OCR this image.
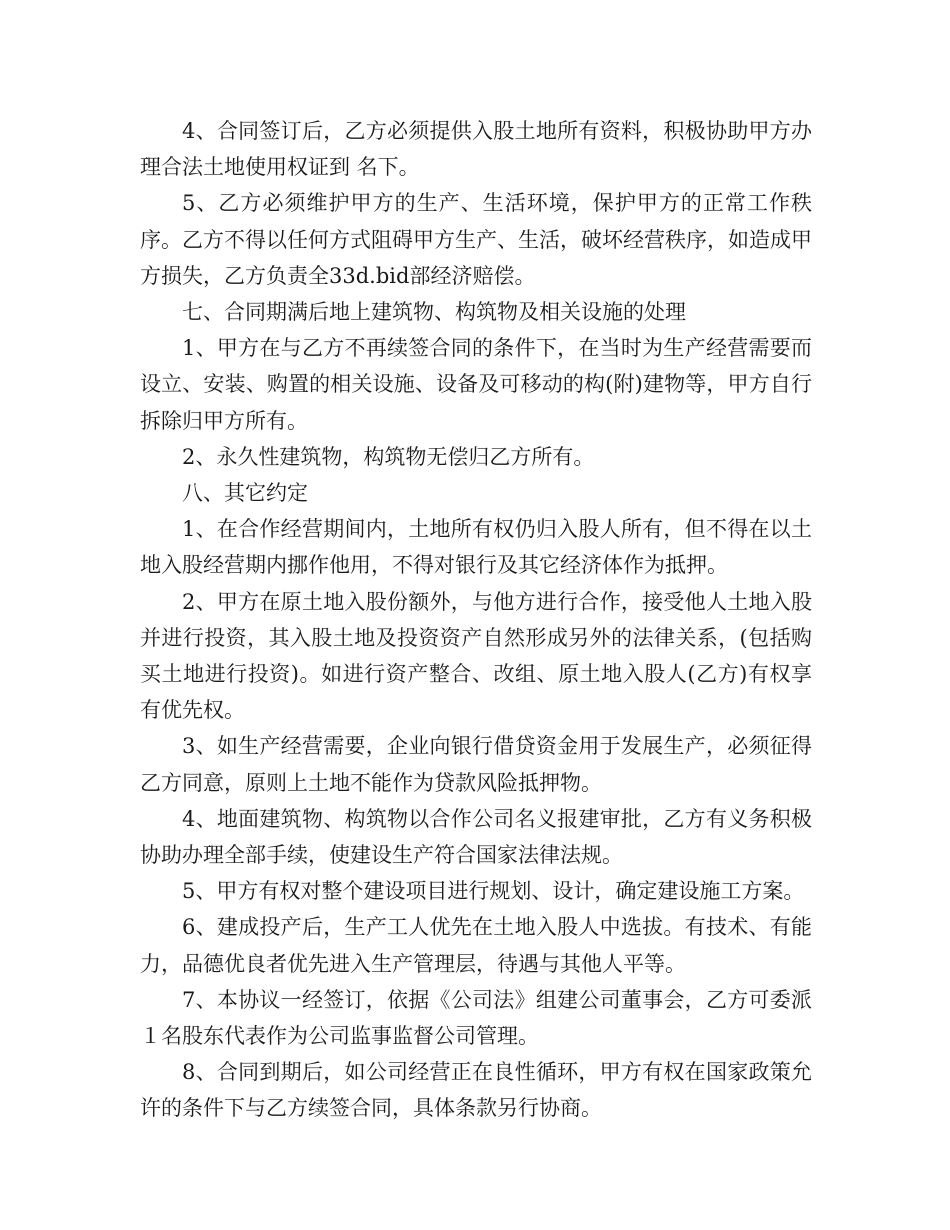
4、合同签订后，乙方必须提供入股土地所有资料，积极协助甲方办理合法土地使用权证到 名下。

5、乙方必须维护甲方的生产、生活环境，保护甲方的正常工作秩序。乙方不得以任何方式阻碍甲方生产、生活，破坏经营秩序，如造成甲方损失，乙方负责全33d.bid部经济赔偿。

七、合同期满后地上建筑物、构筑物及相关设施的处理

1、甲方在与乙方不再续签合同的条件下，在当时为生产经营需要而设立、安装、购置的相关设施、设备及可移动的构(附)建物等，甲方自行拆除归甲方所有。

2、永久性建筑物，构筑物无偿归乙方所有。

八、其它约定

1、在合作经营期间内，土地所有权仍归入股人所有，但不得在以土地入股经营期内挪作他用，不得对银行及其它经济体作为抵押。

2、甲方在原土地入股份额外，与他方进行合作，接受他人土地入股并进行投资，其入股土地及投资资产自然形成另外的法律关系，(包括购买土地进行投资)。如进行资产整合、改组、原土地入股人(乙方)有权享有优先权。

3、如生产经营需要，企业向银行借贷资金用于发展生产，必须征得乙方同意，原则上土地不能作为贷款风险抵押物。

4、地面建筑物、构筑物以合作公司名义报建审批，乙方有义务积极协助办理全部手续，使建设生产符合国家法律法规。

5、甲方有权对整个建设项目进行规划、设计，确定建设施工方案。

6、建成投产后，生产工人优先在土地入股人中选拔。有技术、有能力，品德优良者优先进入生产管理层，待遇与其他人平等。

7、本协议一经签订，依据《公司法》组建公司董事会，乙方可委派１名股东代表作为公司监事监督公司管理。

8、合同到期后，如公司经营正在良性循环，甲方有权在国家政策允许的条件下与乙方续签合同，具体条款另行协商。
